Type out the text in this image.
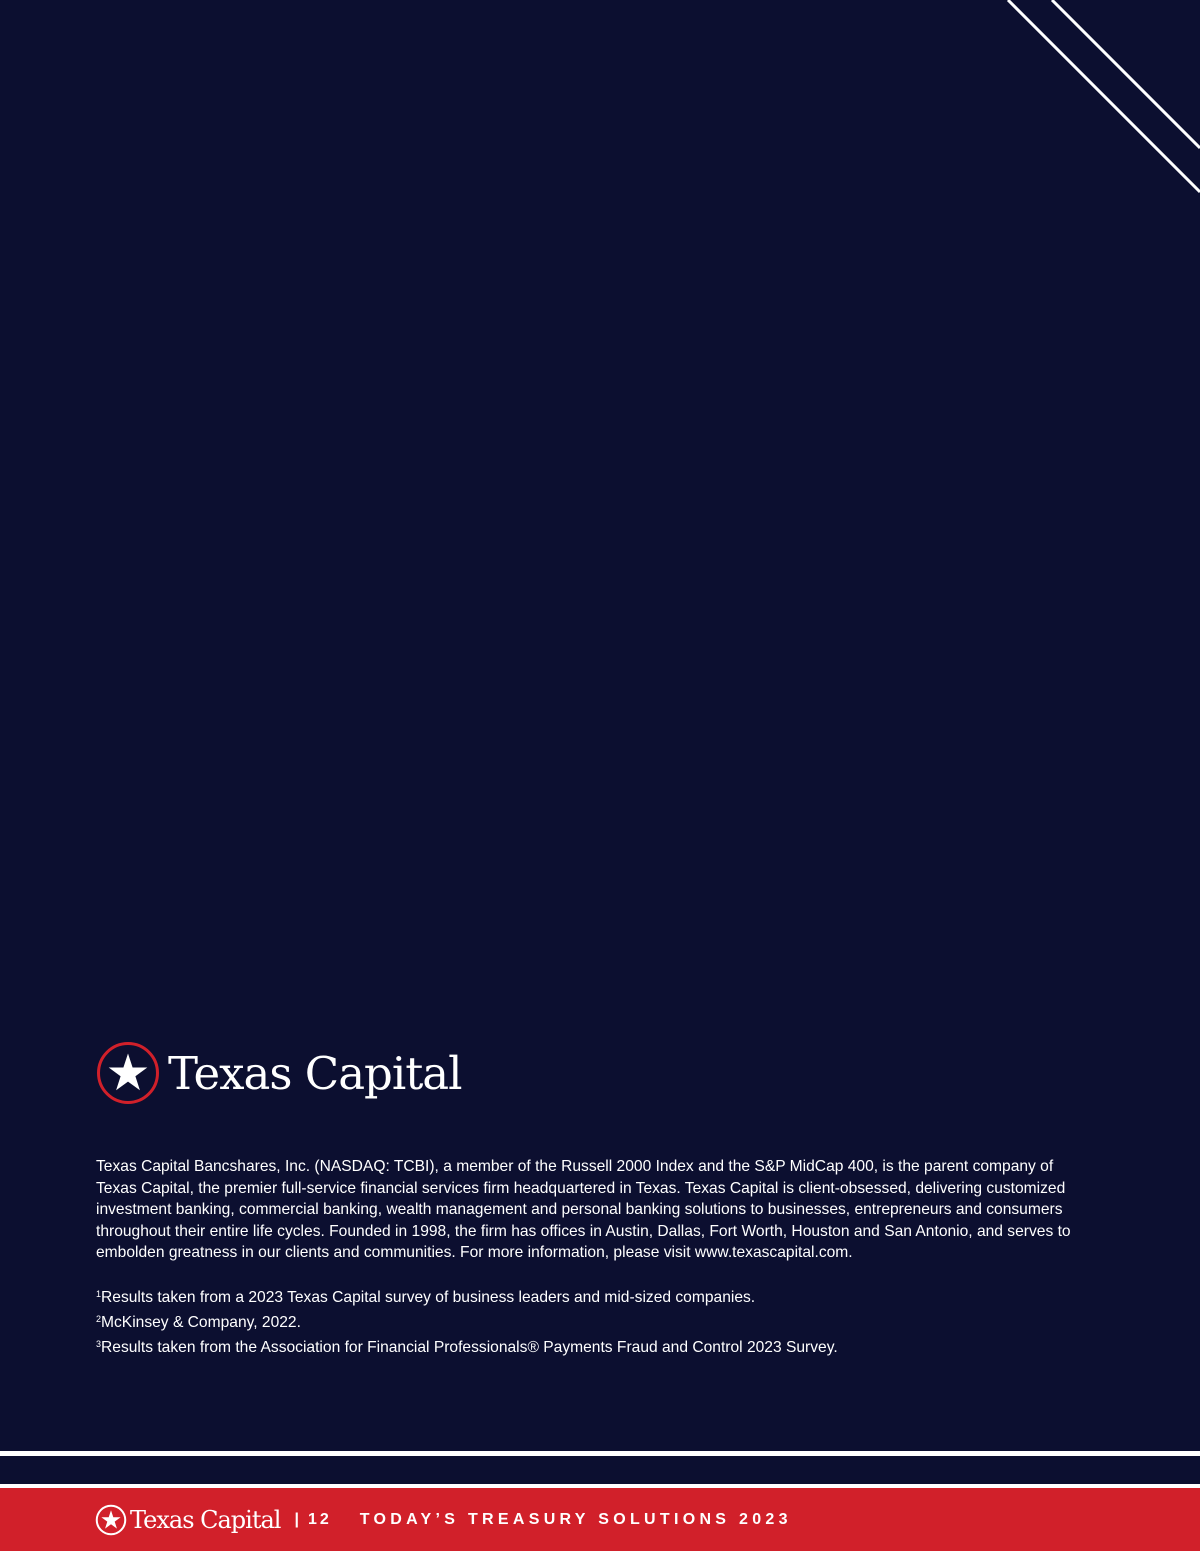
Texas Capital

Texas Capital Bancshares, Inc. (NASDAQ: TCBI), a member of the Russell 2000 Index and the S&P MidCap 400, is the parent company of Texas Capital, the premier full-service financial services firm headquartered in Texas. Texas Capital is client-obsessed, delivering customized investment banking, commercial banking, wealth management and personal banking solutions to businesses, entrepreneurs and consumers throughout their entire life cycles. Founded in 1998, the firm has offices in Austin, Dallas, Fort Worth, Houston and San Antonio, and serves to embolden greatness in our clients and communities. For more information, please visit www.texascapital.com.

$^1$Results taken from a 2023 Texas Capital survey of business leaders and mid-sized companies.
$^2$McKinsey & Company, 2022.
$^3$Results taken from the Association for Financial Professionals® Payments Fraud and Control 2023 Survey.
Texas Capital | 12 TODAY’S TREASURY SOLUTIONS 2023
